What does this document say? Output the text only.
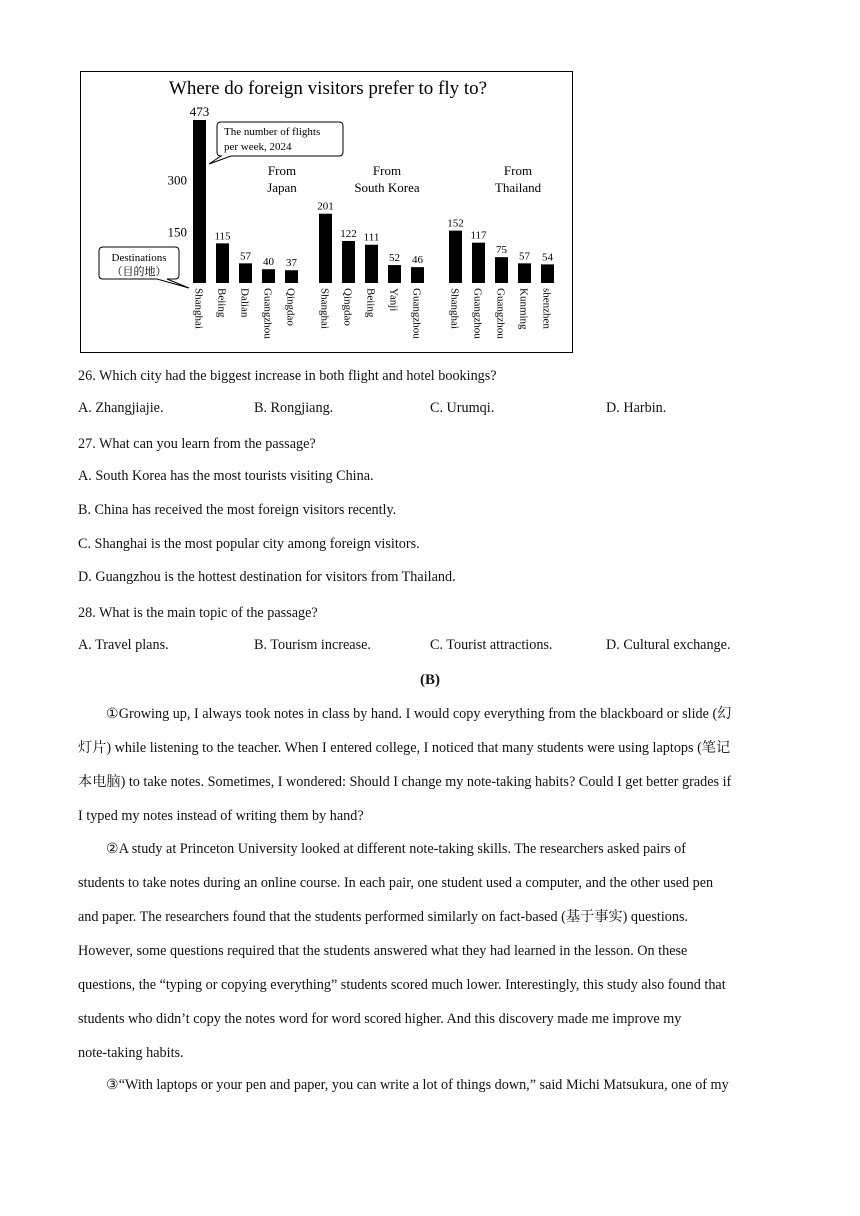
Where do foreign visitors prefer to fly to?
150
300
The number of flights
per week, 2024
Destinations
（目的地）
From
Japan
From
South Korea
From
Thailand
473
Shanghai
115
Beiing
57
Dalian
40
Guangzhou
37
Qingdao
201
Shanghai
122
Qingdao
111
Beiing
52
Yanji
46
Guangzhou
152
Shanghai
117
Guangzhou
75
Guangzhou
57
Kunming
54
shenzhen
26. Which city had the biggest increase in both flight and hotel bookings?
A. Zhangjiajie.	B. Rongjiang.	C. Urumqi.	D. Harbin.
27. What can you learn from the passage?
A. South Korea has the most tourists visiting China.
B. China has received the most foreign visitors recently.
C. Shanghai is the most popular city among foreign visitors.
D. Guangzhou is the hottest destination for visitors from Thailand.
28. What is the main topic of the passage?
A. Travel plans.	B. Tourism increase.	C. Tourist attractions.	D. Cultural exchange.
(B)
①Growing up, I always took notes in class by hand. I would copy everything from the blackboard or slide (幻
灯片) while listening to the teacher. When I entered college, I noticed that many students were using laptops (笔记
本电脑) to take notes. Sometimes, I wondered: Should I change my note-taking habits? Could I get better grades if
I typed my notes instead of writing them by hand?
②A study at Princeton University looked at different note-taking skills. The researchers asked pairs of
students to take notes during an online course. In each pair, one student used a computer, and the other used pen
and paper. The researchers found that the students performed similarly on fact-based (基于事实) questions.
However, some questions required that the students answered what they had learned in the lesson. On these
questions, the “typing or copying everything” students scored much lower. Interestingly, this study also found that
students who didn’t copy the notes word for word scored higher. And this discovery made me improve my
note-taking habits.
③“With laptops or your pen and paper, you can write a lot of things down,” said Michi Matsukura, one of my
